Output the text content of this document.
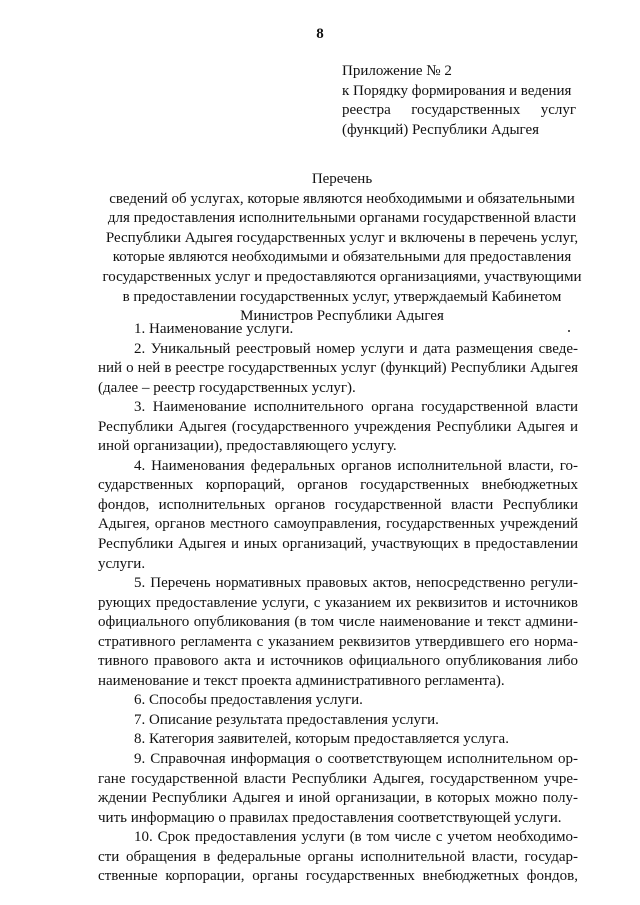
8
Приложение № 2
к Порядку формирования и ведения
реестра государственных услуг
(функций) Республики Адыгея
Перечень
сведений об услугах, которые являются необходимыми и обязательными
для предоставления исполнительными органами государственной власти
Республики Адыгея государственных услуг и включены в перечень услуг,
которые являются необходимыми и обязательными для предоставления
государственных услуг и предоставляются организациями, участвующими
в предоставлении государственных услуг, утверждаемый Кабинетом
Министров Республики Адыгея
1. Наименование услуги.
2. Уникальный реестровый номер услуги и дата размещения сведе-
ний о ней в реестре государственных услуг (функций) Республики Адыгея
(далее – реестр государственных услуг).
3. Наименование исполнительного органа государственной власти
Республики Адыгея (государственного учреждения Республики Адыгея и
иной организации), предоставляющего услугу.
4. Наименования федеральных органов исполнительной власти, го-
сударственных корпораций, органов государственных внебюджетных
фондов, исполнительных органов государственной власти Республики
Адыгея, органов местного самоуправления, государственных учреждений
Республики Адыгея и иных организаций, участвующих в предоставлении
услуги.
5. Перечень нормативных правовых актов, непосредственно регули-
рующих предоставление услуги, с указанием их реквизитов и источников
официального опубликования (в том числе наименование и текст админи-
стративного регламента с указанием реквизитов утвердившего его норма-
тивного правового акта и источников официального опубликования либо
наименование и текст проекта административного регламента).
6. Способы предоставления услуги.
7. Описание результата предоставления услуги.
8. Категория заявителей, которым предоставляется услуга.
9. Справочная информация о соответствующем исполнительном ор-
гане государственной власти Республики Адыгея, государственном учре-
ждении Республики Адыгея и иной организации, в которых можно полу-
чить информацию о правилах предоставления соответствующей услуги.
10. Срок предоставления услуги (в том числе с учетом необходимо-
сти обращения в федеральные органы исполнительной власти, государ-
ственные корпорации, органы государственных внебюджетных фондов,
